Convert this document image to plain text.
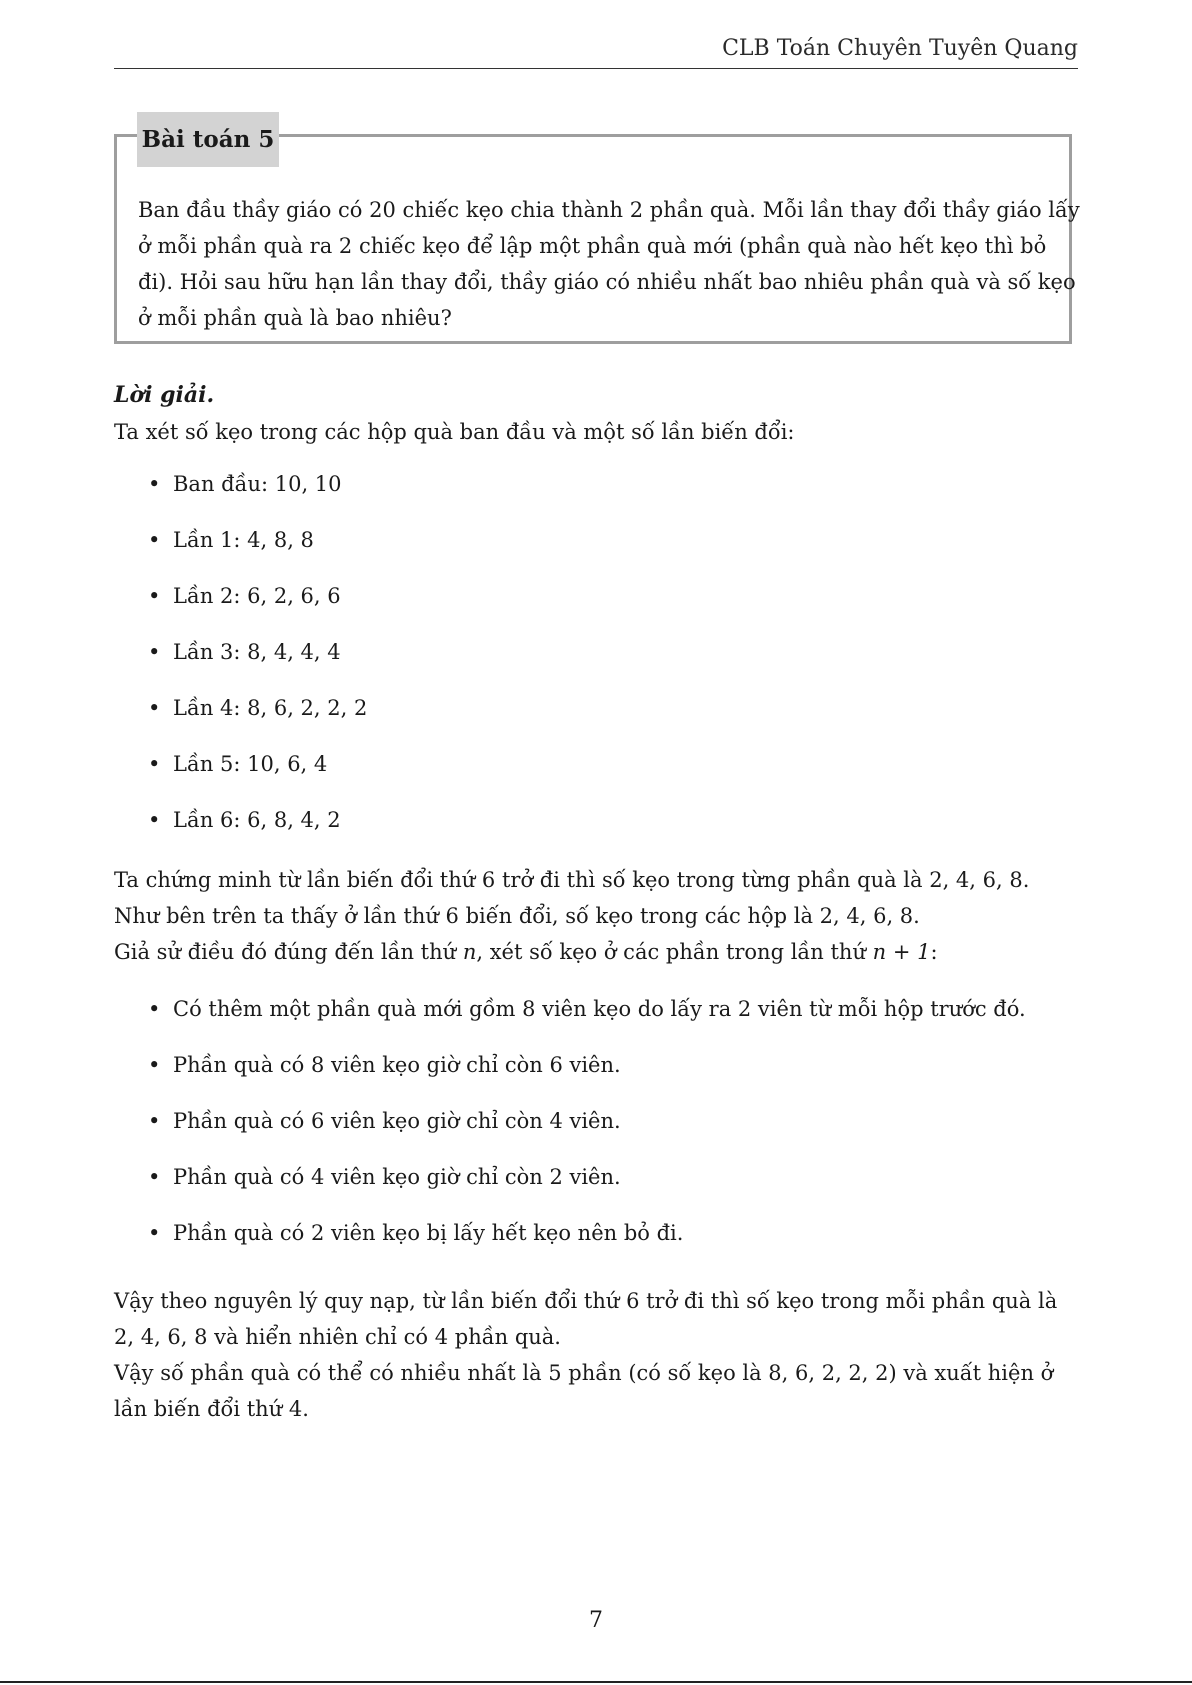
CLB Toán Chuyên Tuyên Quang
Bài toán 5
Ban đầu thầy giáo có 20 chiếc kẹo chia thành 2 phần quà. Mỗi lần thay đổi thầy giáo lấy ở mỗi phần quà ra 2 chiếc kẹo để lập một phần quà mới (phần quà nào hết kẹo thì bỏ đi). Hỏi sau hữu hạn lần thay đổi, thầy giáo có nhiều nhất bao nhiêu phần quà và số kẹo ở mỗi phần quà là bao nhiêu?
Lời giải.
Ta xét số kẹo trong các hộp quà ban đầu và một số lần biến đổi:
• Ban đầu: 10, 10
• Lần 1: 4, 8, 8
• Lần 2: 6, 2, 6, 6
• Lần 3: 8, 4, 4, 4
• Lần 4: 8, 6, 2, 2, 2
• Lần 5: 10, 6, 4
• Lần 6: 6, 8, 4, 2
Ta chứng minh từ lần biến đổi thứ 6 trở đi thì số kẹo trong từng phần quà là 2, 4, 6, 8.
Như bên trên ta thấy ở lần thứ 6 biến đổi, số kẹo trong các hộp là 2, 4, 6, 8.
Giả sử điều đó đúng đến lần thứ n, xét số kẹo ở các phần trong lần thứ n + 1:
• Có thêm một phần quà mới gồm 8 viên kẹo do lấy ra 2 viên từ mỗi hộp trước đó.
• Phần quà có 8 viên kẹo giờ chỉ còn 6 viên.
• Phần quà có 6 viên kẹo giờ chỉ còn 4 viên.
• Phần quà có 4 viên kẹo giờ chỉ còn 2 viên.
• Phần quà có 2 viên kẹo bị lấy hết kẹo nên bỏ đi.
Vậy theo nguyên lý quy nạp, từ lần biến đổi thứ 6 trở đi thì số kẹo trong mỗi phần quà là 2, 4, 6, 8 và hiển nhiên chỉ có 4 phần quà.
Vậy số phần quà có thể có nhiều nhất là 5 phần (có số kẹo là 8, 6, 2, 2, 2) và xuất hiện ở lần biến đổi thứ 4.
7
